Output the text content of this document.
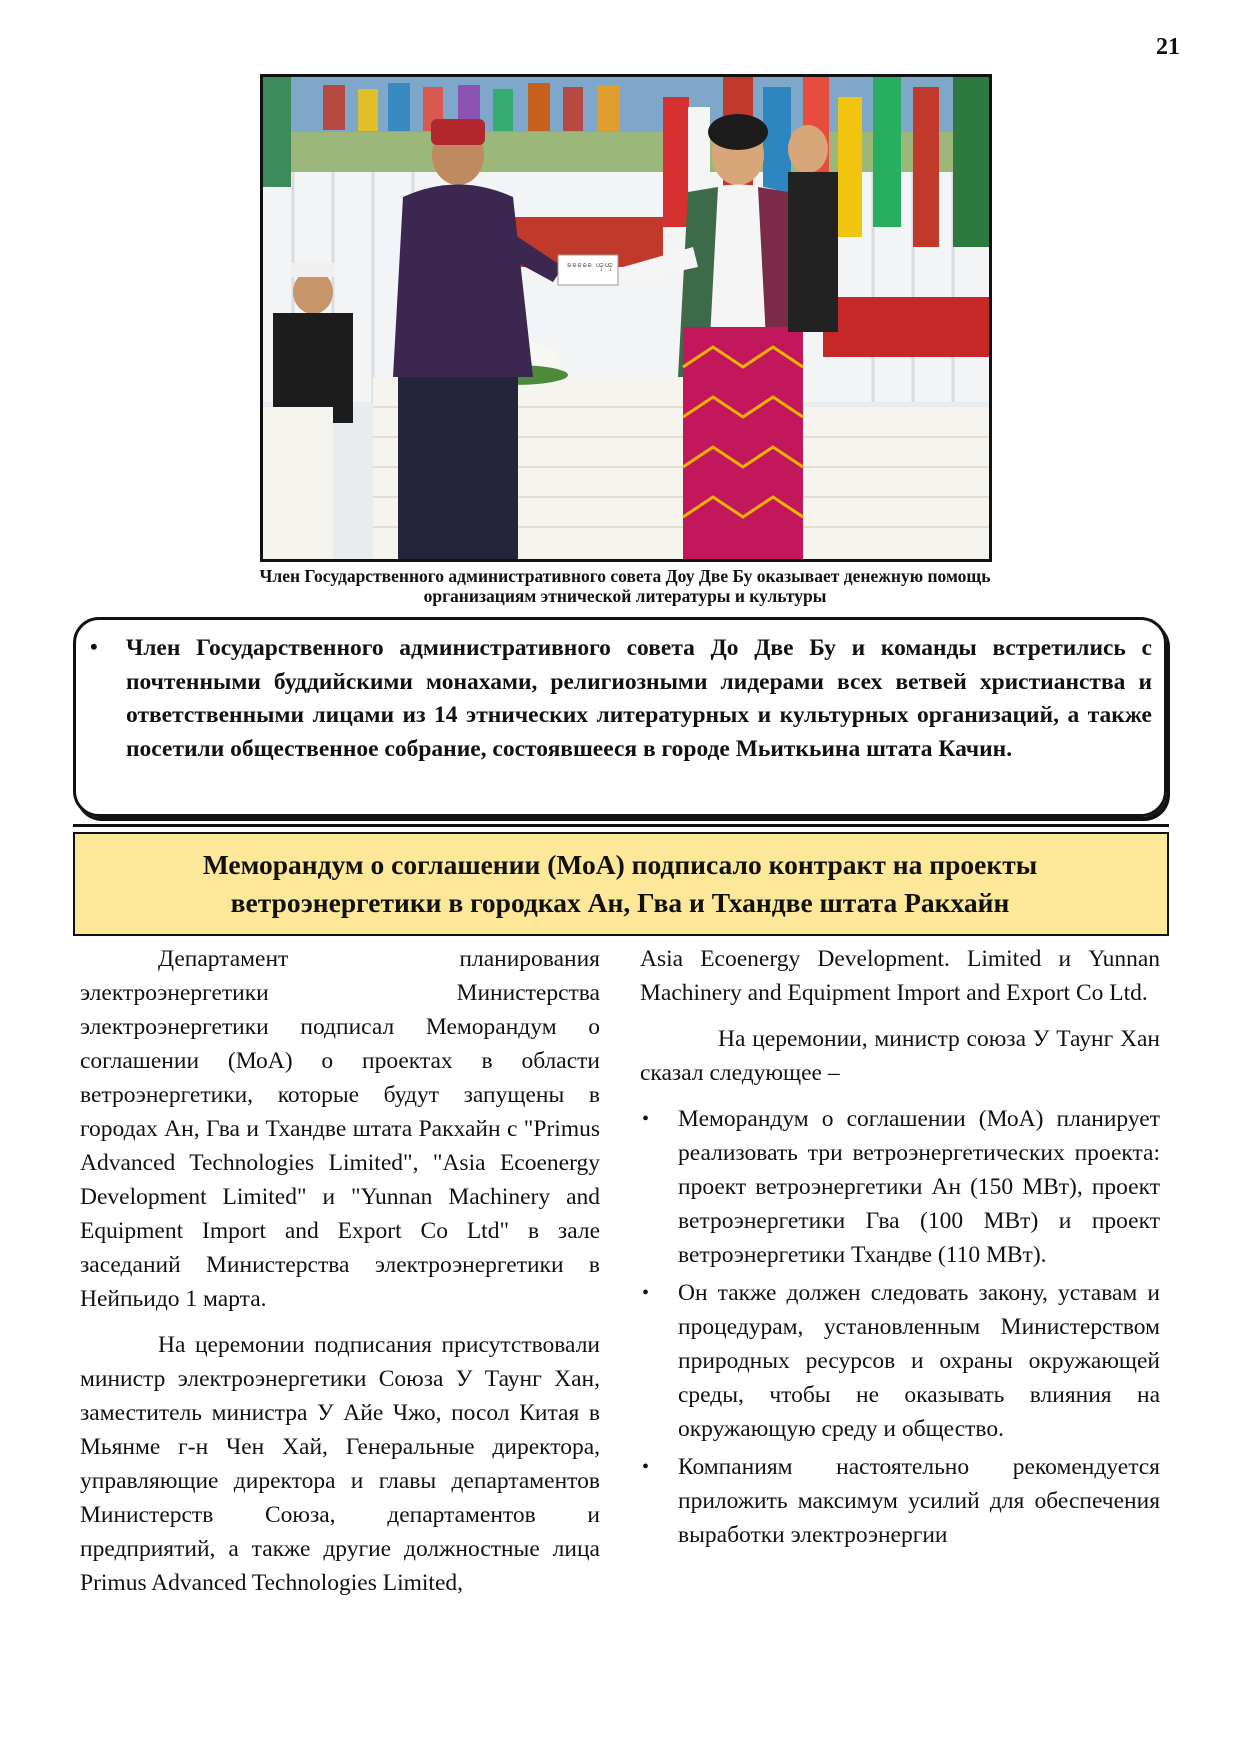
21
ၶၶၶၶၶ ၾၾ
Член Государственного административного совета Доу Две Бу оказывает денежную помощь
организациям этнической литературы и культуры
• Член Государственного административного совета До Две Бу и команды встретились с почтенными буддийскими монахами, религиозными лидерами всех ветвей христианства и ответственными лицами из 14 этнических литературных и культурных организаций, а также посетили общественное собрание, состоявшееся в городе Мьиткьина штата Качин.
Меморандум о соглашении (МоА) подписало контракт на проекты
ветроэнергетики в городках Ан, Гва и Тхандве штата Ракхайн

Департамент планирования электроэнергетики Министерства электроэнергетики подписал Меморандум о соглашении (МоА) о проектах в области ветроэнергетики, которые будут запущены в городах Ан, Гва и Тхандве штата Ракхайн с "Primus Advanced Technologies Limited", "Asia Ecoenergy Development Limited" и "Yunnan Machinery and Equipment Import and Export Co Ltd" в зале заседаний Министерства электроэнергетики в Нейпьидо 1 марта.

На церемонии подписания присутствовали министр электроэнергетики Союза У Таунг Хан, заместитель министра У Айе Чжо, посол Китая в Мьянме г-н Чен Хай, Генеральные директора, управляющие директора и главы департаментов Министерств Союза, департаментов и предприятий, а также другие должностные лица Primus Advanced Technologies Limited,

Asia Ecoenergy Development. Limited и Yunnan Machinery and Equipment Import and Export Co Ltd.

На церемонии, министр союза У Таунг Хан сказал следующее –

• Меморандум о соглашении (МоА) планирует реализовать три ветроэнергетических проекта: проект ветроэнергетики Ан (150 МВт), проект ветроэнергетики Гва (100 МВт) и проект ветроэнергетики Тхандве (110 МВт).
• Он также должен следовать закону, уставам и процедурам, установленным Министерством природных ресурсов и охраны окружающей среды, чтобы не оказывать влияния на окружающую среду и общество.
• Компаниям настоятельно рекомендуется приложить максимум усилий для обеспечения выработки электроэнергии
